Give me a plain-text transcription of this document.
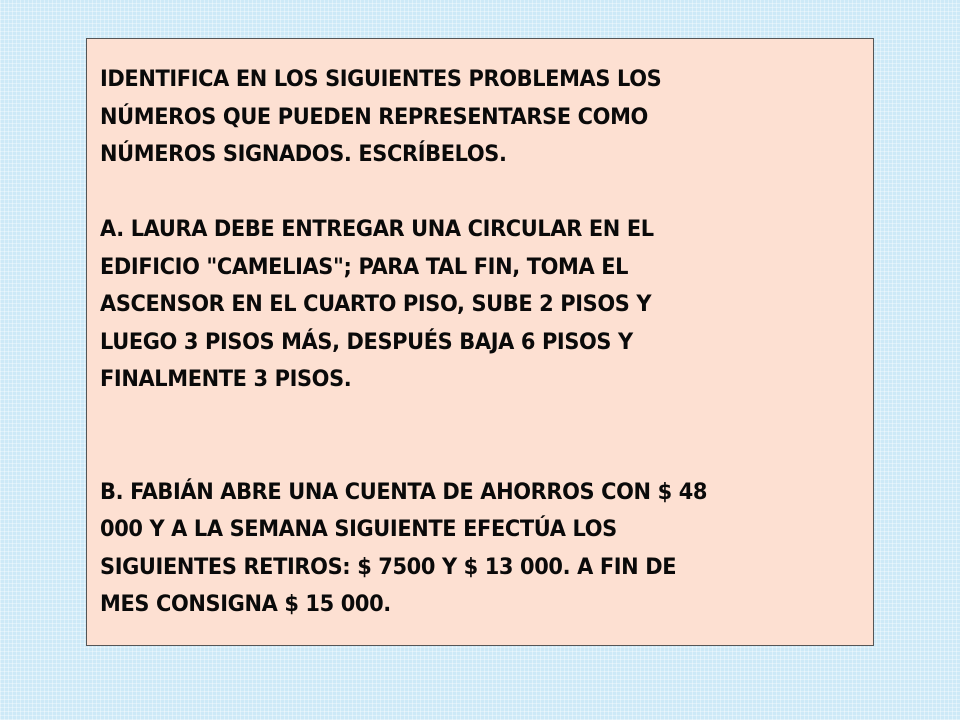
IDENTIFICA EN LOS SIGUIENTES PROBLEMAS LOS

NÚMEROS QUE PUEDEN REPRESENTARSE COMO

NÚMEROS SIGNADOS. ESCRÍBELOS.

A. LAURA DEBE ENTREGAR UNA CIRCULAR EN EL

EDIFICIO "CAMELIAS"; PARA TAL FIN, TOMA EL

ASCENSOR EN EL CUARTO PISO, SUBE 2 PISOS Y

LUEGO 3 PISOS MÁS, DESPUÉS BAJA 6 PISOS Y

FINALMENTE 3 PISOS.

B. FABIÁN ABRE UNA CUENTA DE AHORROS CON $ 48

000 Y A LA SEMANA SIGUIENTE EFECTÚA LOS

SIGUIENTES RETIROS: $ 7500 Y $ 13 000. A FIN DE

MES CONSIGNA $ 15 000.
